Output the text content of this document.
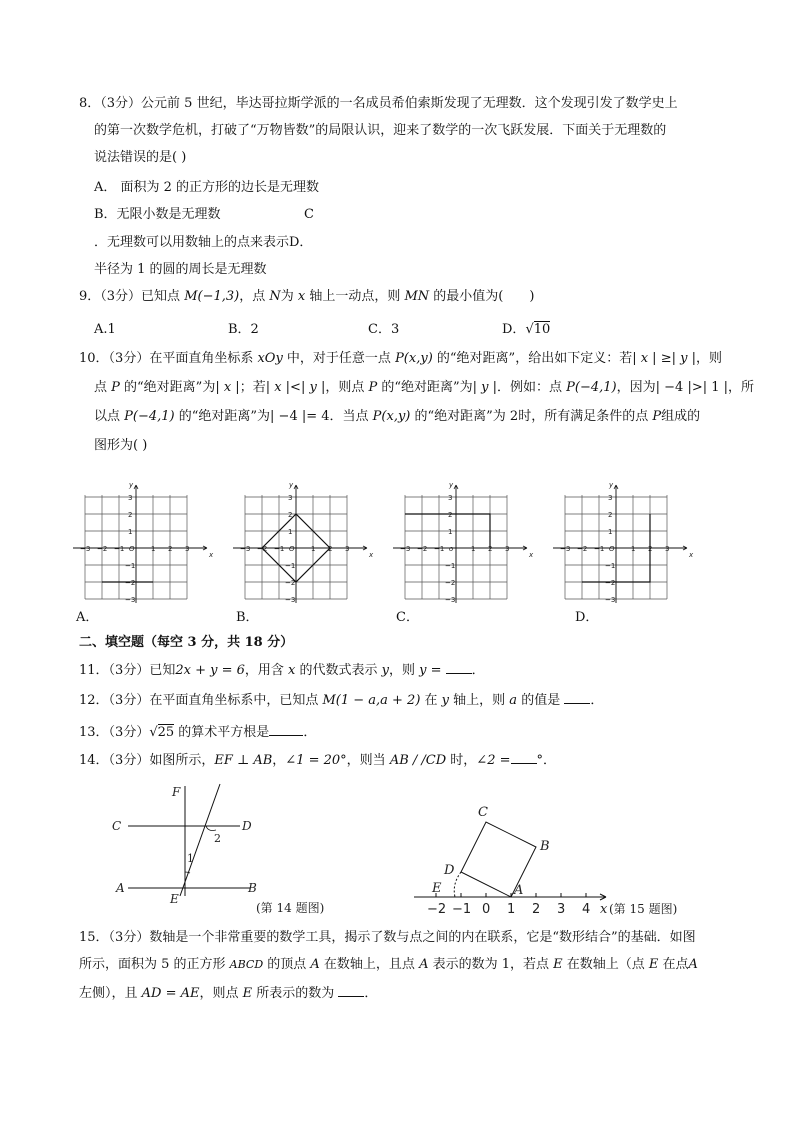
8．（3分）公元前 5 世纪，毕达哥拉斯学派的一名成员希伯索斯发现了无理数．这个发现引发了数学史上
的第一次数学危机，打破了“万物皆数”的局限认识，迎来了数学的一次飞跃发展．下面关于无理数的
说法错误的是( )
A． 面积为 2 的正方形的边长是无理数
B．无限小数是无理数	C
．无理数可以用数轴上的点来表示D．
半径为 1 的圆的周长是无理数
9．（3分）已知点 M(−1,3)，点 N为 x 轴上一动点，则 MN 的最小值为(　　)
A.1	B．2	C．3	D．√10
10．（3分）在平面直角坐标系 xOy 中，对于任意一点 P(x,y) 的“绝对距离”，给出如下定义：若| x | ≥| y |，则
点 P 的“绝对距离”为| x |；若| x |<| y |，则点 P 的“绝对距离”为| y |．例如：点 P(−4,1)，因为| −4 |>| 1 |，所
以点 P(−4,1) 的“绝对距离”为| −4 |= 4．当点 P(x,y) 的“绝对距离”为 2时，所有满足条件的点 P组成的
图形为( )
x
y
O
−3 −2 −1	1 2 3
3
2
1
−1
−2
−3
x
y
O
−3 −2 −1	1 2 3
3
2
1
−1
−2
−3
x
y
o
−3 −2 −1	1 2 3
3
2
1
−1
−2
−3
x
y
O
−3 −2 −1	1 2 3
3
2
1
−1
−2
−3
A．	B．	C．	D．
二、填空题（每空 3 分，共 18 分）
11．（3分）已知2x + y = 6，用含 x 的代数式表示 y，则 y = ．
12．（3分）在平面直角坐标系中，已知点 M(1 − a,a + 2) 在 y 轴上，则 a 的值是 ．
13．（3分）√25 的算术平方根是	．
14．（3分）如图所示，EF ⊥ AB，∠1 = 20°，则当 AB / /CD 时，∠2 = °．
F
C	D
A	B
E
1
2
(第 14 题图)
C
B
D
A
E
−2 −1 0 1 2 3 4 x (第 15 题图)
15．（3分）数轴是一个非常重要的数学工具，揭示了数与点之间的内在联系，它是“数形结合”的基础．如图
所示，面积为 5 的正方形 ABCD 的顶点 A 在数轴上，且点 A 表示的数为 1，若点 E 在数轴上（点 E 在点A
左侧），且 AD = AE，则点 E 所表示的数为 ．
